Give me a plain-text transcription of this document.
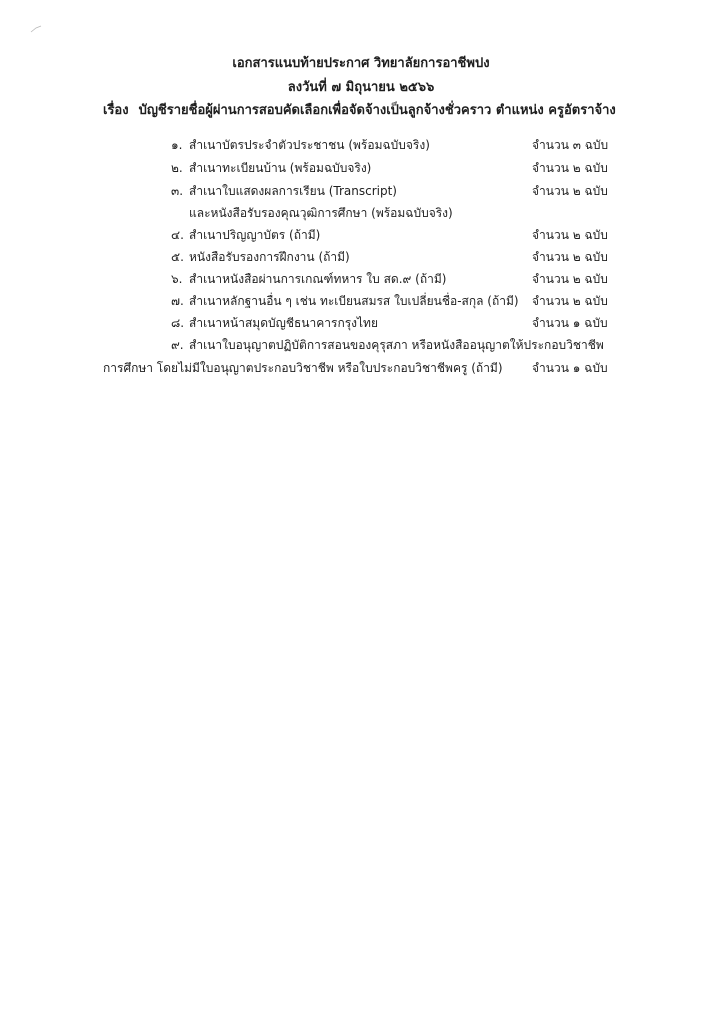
เอกสารแนบท้ายประกาศ วิทยาลัยการอาชีพปง
ลงวันที่ ๗ มิถุนายน ๒๕๖๖
เรื่อง บัญชีรายชื่อผู้ผ่านการสอบคัดเลือกเพื่อจัดจ้างเป็นลูกจ้างชั่วคราว ตำแหน่ง ครูอัตราจ้าง
๑. สำเนาบัตรประจำตัวประชาชน (พร้อมฉบับจริง)	จำนวน ๓ ฉบับ
๒. สำเนาทะเบียนบ้าน (พร้อมฉบับจริง)	จำนวน ๒ ฉบับ
๓. สำเนาใบแสดงผลการเรียน (Transcript)	จำนวน ๒ ฉบับ
และหนังสือรับรองคุณวุฒิการศึกษา (พร้อมฉบับจริง)
๔. สำเนาปริญญาบัตร (ถ้ามี)	จำนวน ๒ ฉบับ
๕. หนังสือรับรองการฝึกงาน (ถ้ามี)	จำนวน ๒ ฉบับ
๖. สำเนาหนังสือผ่านการเกณฑ์ทหาร ใบ สด.๙ (ถ้ามี)	จำนวน ๒ ฉบับ
๗. สำเนาหลักฐานอื่น ๆ เช่น ทะเบียนสมรส ใบเปลี่ยนชื่อ-สกุล (ถ้ามี) จำนวน ๒ ฉบับ
๘. สำเนาหน้าสมุดบัญชีธนาคารกรุงไทย	จำนวน ๑ ฉบับ
๙. สำเนาใบอนุญาตปฏิบัติการสอนของคุรุสภา หรือหนังสืออนุญาตให้ประกอบวิชาชีพ
การศึกษา โดยไม่มีใบอนุญาตประกอบวิชาชีพ หรือใบประกอบวิชาชีพครู (ถ้ามี) จำนวน ๑ ฉบับ
